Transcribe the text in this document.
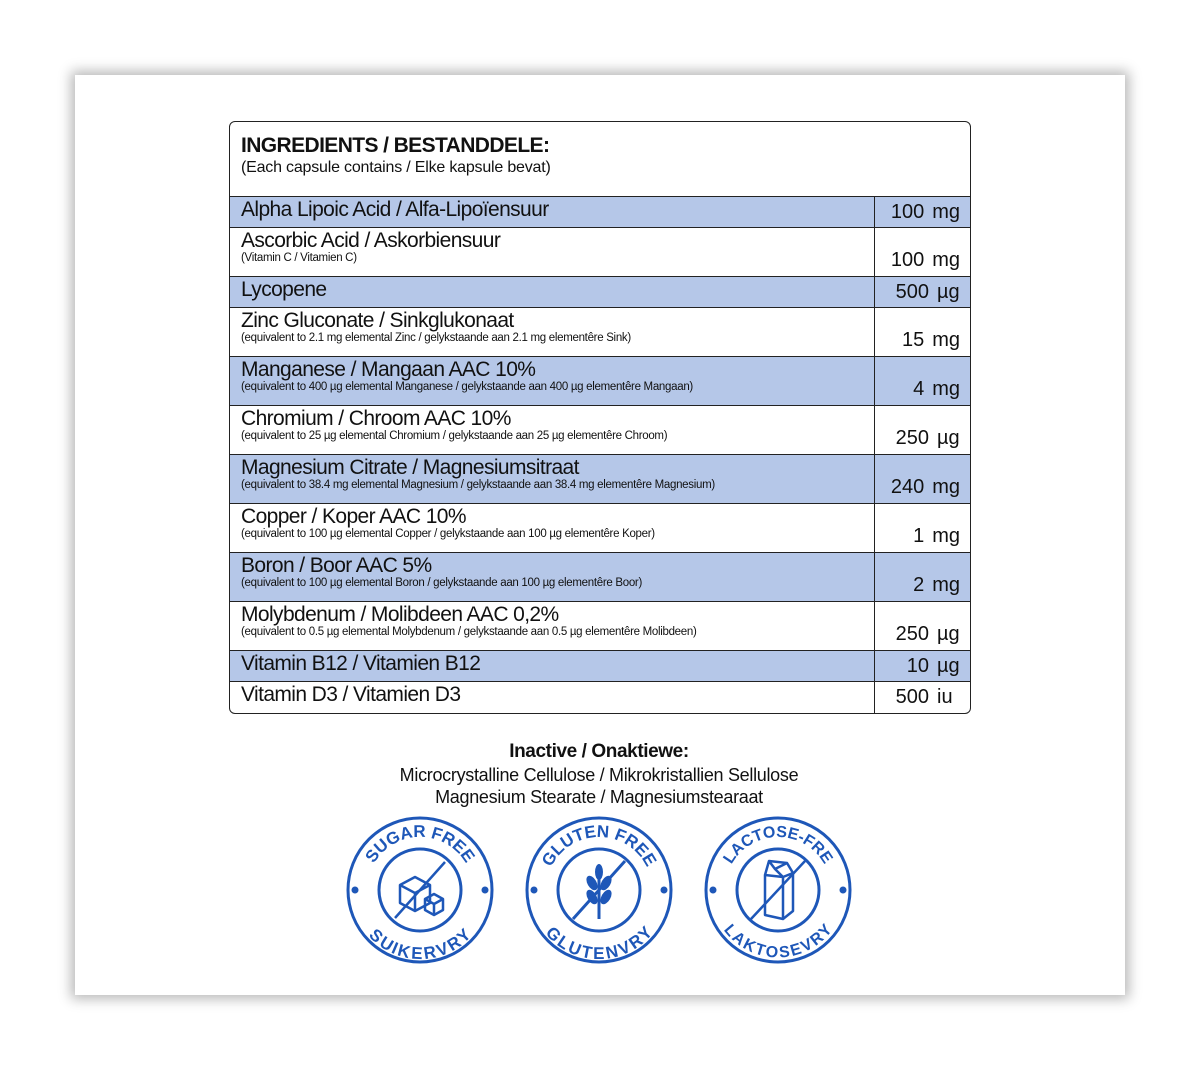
INGREDIENTS / BESTANDDELE:
(Each capsule contains / Elke kapsule bevat)
Alpha Lipoic Acid / Alfa-Lipoïensuur	100 mg
Ascorbic Acid / Askorbiensuur
(Vitamin C / Vitamien C)	100 mg
Lycopene	500 µg
Zinc Gluconate / Sinkglukonaat
(equivalent to 2.1 mg elemental Zinc / gelykstaande aan 2.1 mg elementêre Sink)	15 mg
Manganese / Mangaan AAC 10%
(equivalent to 400 µg elemental Manganese / gelykstaande aan 400 µg elementêre Mangaan)	4 mg
Chromium / Chroom AAC 10%
(equivalent to 25 µg elemental Chromium / gelykstaande aan 25 µg elementêre Chroom)	250 µg
Magnesium Citrate / Magnesiumsitraat
(equivalent to 38.4 mg elemental Magnesium / gelykstaande aan 38.4 mg elementêre Magnesium)	240 mg
Copper / Koper AAC 10%
(equivalent to 100 µg elemental Copper / gelykstaande aan 100 µg elementêre Koper)	1 mg
Boron / Boor AAC 5%
(equivalent to 100 µg elemental Boron / gelykstaande aan 100 µg elementêre Boor)	2 mg
Molybdenum / Molibdeen AAC 0,2%
(equivalent to 0.5 µg elemental Molybdenum / gelykstaande aan 0.5 µg elementêre Molibdeen)	250 µg
Vitamin B12 / Vitamien B12	10 µg
Vitamin D3 / Vitamien D3	500 iu
Inactive / Onaktiewe:
Microcrystalline Cellulose / Mikrokristallien Sellulose
Magnesium Stearate / Magnesiumstearaat
SUGAR FREE
SUIKERVRY
GLUTEN FREE
GLUTENVRY
LACTOSE-FRE
LAKTOSEVRY
